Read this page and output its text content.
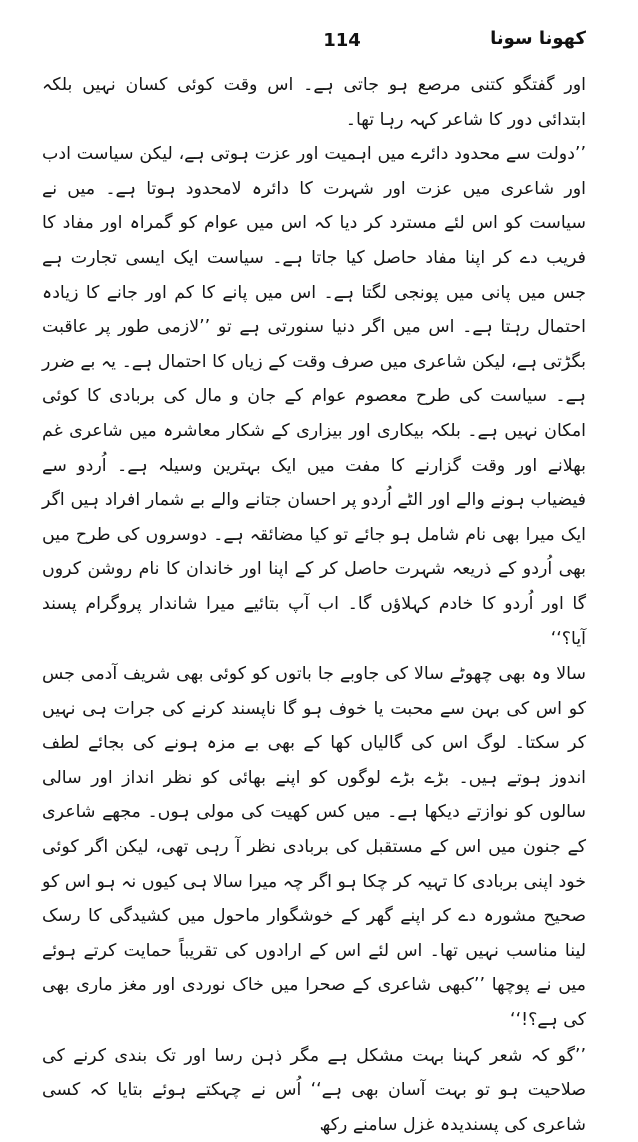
114	کھونا سونا

اور گفتگو کتنی مرصع ہو جاتی ہے۔ اس وقت کوئی کسان نہیں بلکہ ابتدائی دور کا شاعر کہہ رہا تھا۔

’’دولت سے محدود دائرے میں اہمیت اور عزت ہوتی ہے، لیکن سیاست ادب اور شاعری میں عزت اور شہرت کا دائرہ لامحدود ہوتا ہے۔ میں نے سیاست کو اس لئے مسترد کر دیا کہ اس میں عوام کو گمراہ اور مفاد کا فریب دے کر اپنا مفاد حاصل کیا جاتا ہے۔ سیاست ایک ایسی تجارت ہے جس میں پانی میں پونجی لگتا ہے۔ اس میں پانے کا کم اور جانے کا زیادہ احتمال رہتا ہے۔ اس میں اگر دنیا سنورتی ہے تو ’’لازمی طور پر عاقبت بگڑتی ہے، لیکن شاعری میں صرف وقت کے زیاں کا احتمال ہے۔ یہ بے ضرر ہے۔ سیاست کی طرح معصوم عوام کے جان و مال کی بربادی کا کوئی امکان نہیں ہے۔ بلکہ بیکاری اور بیزاری کے شکار معاشرہ میں شاعری غم بھلانے اور وقت گزارنے کا مفت میں ایک بہترین وسیلہ ہے۔ اُردو سے فیضیاب ہونے والے اور الٹے اُردو پر احسان جتانے والے بے شمار افراد ہیں اگر ایک میرا بھی نام شامل ہو جائے تو کیا مضائقہ ہے۔ دوسروں کی طرح میں بھی اُردو کے ذریعہ شہرت حاصل کر کے اپنا اور خاندان کا نام روشن کروں گا اور اُردو کا خادم کہلاؤں گا۔ اب آپ بتائیے میرا شاندار پروگرام پسند آیا؟‘‘

سالا وہ بھی چھوٹے سالا کی جاوبے جا باتوں کو کوئی بھی شریف آدمی جس کو اس کی بہن سے محبت یا خوف ہو گا ناپسند کرنے کی جرات ہی نہیں کر سکتا۔ لوگ اس کی گالیاں کھا کے بھی بے مزہ ہونے کی بجائے لطف اندوز ہوتے ہیں۔ بڑے بڑے لوگوں کو اپنے بھائی کو نظر انداز اور سالی سالوں کو نوازتے دیکھا ہے۔ میں کس کھیت کی مولی ہوں۔ مجھے شاعری کے جنون میں اس کے مستقبل کی بربادی نظر آ رہی تھی، لیکن اگر کوئی خود اپنی بربادی کا تہیہ کر چکا ہو اگر چہ میرا سالا ہی کیوں نہ ہو اس کو صحیح مشورہ دے کر اپنے گھر کے خوشگوار ماحول میں کشیدگی کا رسک لینا مناسب نہیں تھا۔ اس لئے اس کے ارادوں کی تقریباً حمایت کرتے ہوئے میں نے پوچھا ’’کبھی شاعری کے صحرا میں خاک نوردی اور مغز ماری بھی کی ہے؟!‘‘

’’گو کہ شعر کہنا بہت مشکل ہے مگر ذہن رسا اور تک بندی کرنے کی صلاحیت ہو تو بہت آسان بھی ہے‘‘ اُس نے چہکتے ہوئے بتایا کہ کسی شاعری کی پسندیدہ غزل سامنے رکھ
